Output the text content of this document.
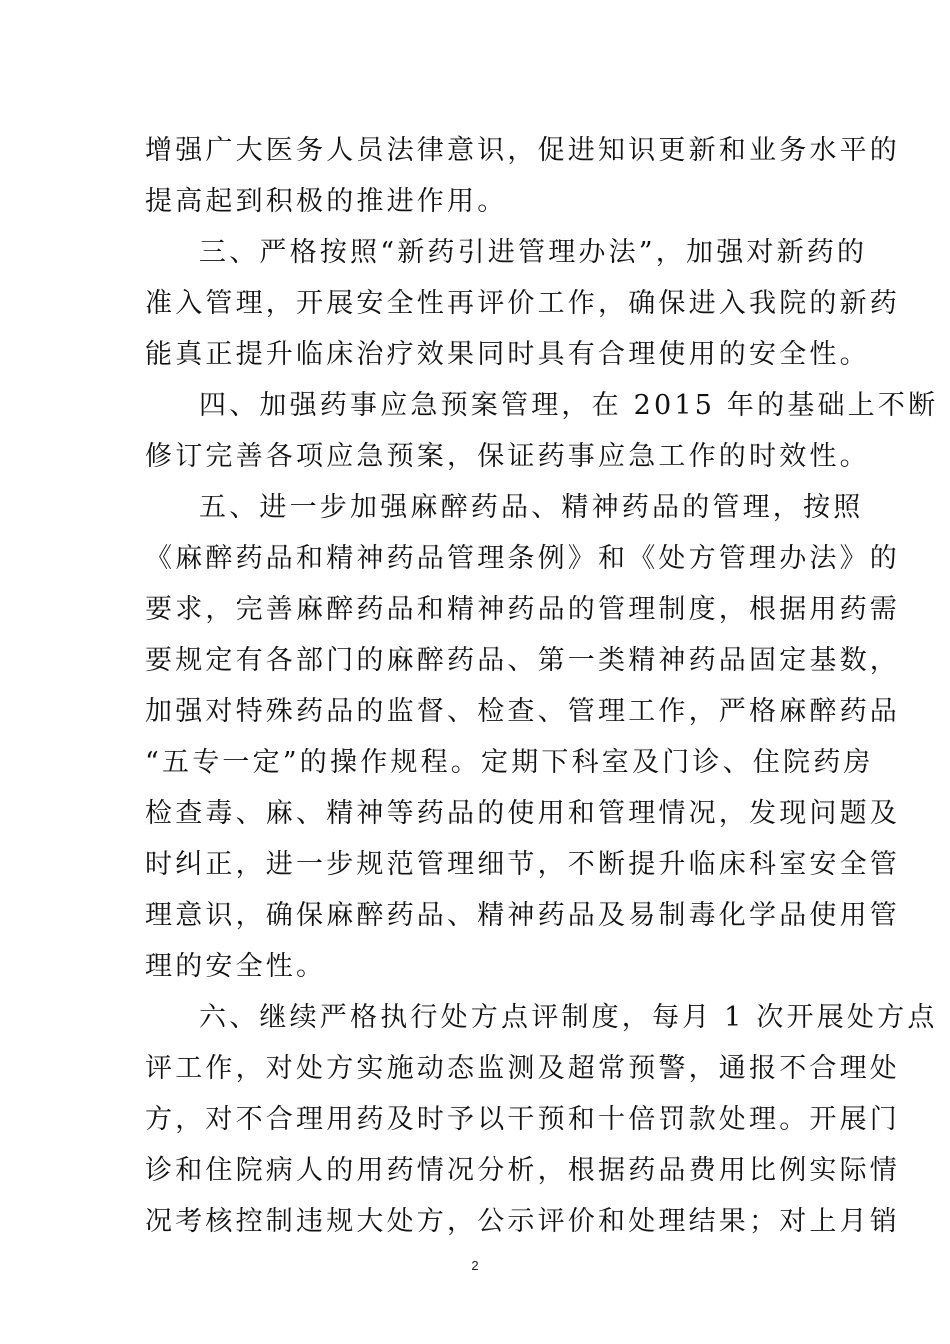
增强广大医务人员法律意识，促进知识更新和业务水平的
提高起到积极的推进作用。
三、严格按照“新药引进管理办法”，加强对新药的
准入管理，开展安全性再评价工作，确保进入我院的新药
能真正提升临床治疗效果同时具有合理使用的安全性。
四、加强药事应急预案管理，在 2015 年的基础上不断
修订完善各项应急预案，保证药事应急工作的时效性。
五、进一步加强麻醉药品、精神药品的管理，按照
《麻醉药品和精神药品管理条例》和《处方管理办法》的
要求，完善麻醉药品和精神药品的管理制度，根据用药需
要规定有各部门的麻醉药品、第一类精神药品固定基数，
加强对特殊药品的监督、检查、管理工作，严格麻醉药品
“五专一定”的操作规程。定期下科室及门诊、住院药房
检查毒、麻、精神等药品的使用和管理情况，发现问题及
时纠正，进一步规范管理细节，不断提升临床科室安全管
理意识，确保麻醉药品、精神药品及易制毒化学品使用管
理的安全性。
六、继续严格执行处方点评制度，每月 1 次开展处方点
评工作，对处方实施动态监测及超常预警，通报不合理处
方，对不合理用药及时予以干预和十倍罚款处理。开展门
诊和住院病人的用药情况分析，根据药品费用比例实际情
况考核控制违规大处方，公示评价和处理结果；对上月销
2
